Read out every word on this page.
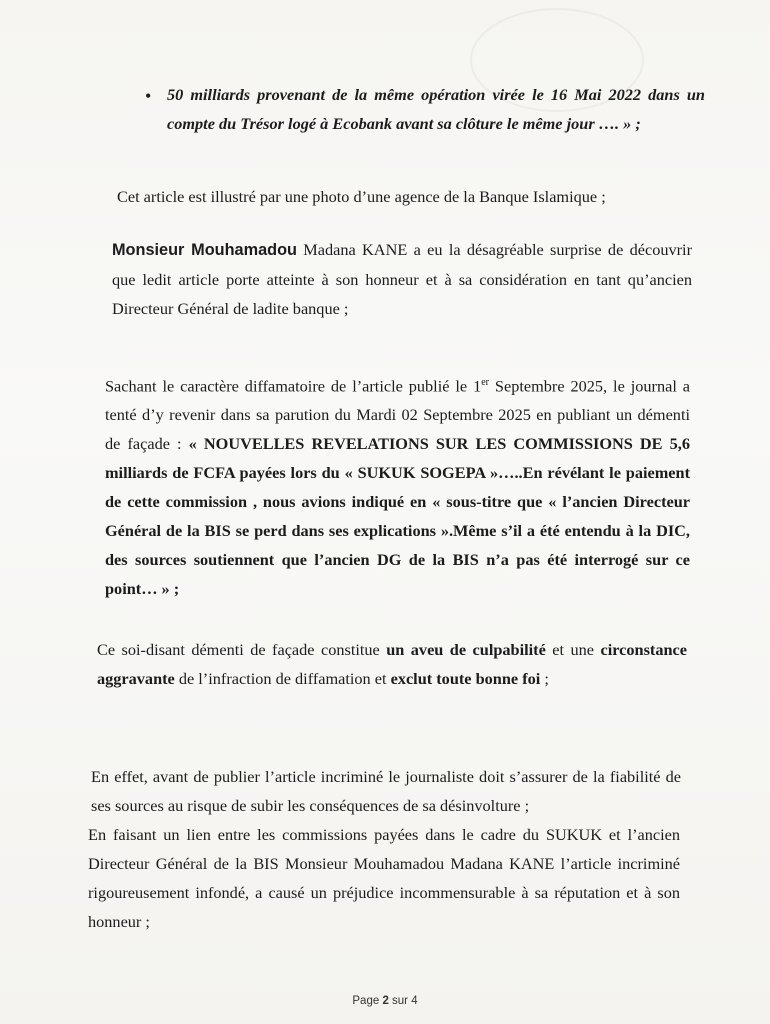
• 50 milliards provenant de la même opération virée le 16 Mai 2022 dans un compte du Trésor logé à Ecobank avant sa clôture le même jour …. » ;

Cet article est illustré par une photo d’une agence de la Banque Islamique ;

Monsieur Mouhamadou Madana KANE a eu la désagréable surprise de découvrir que ledit article porte atteinte à son honneur et à sa considération en tant qu’ancien Directeur Général de ladite banque ;

Sachant le caractère diffamatoire de l’article publié le 1er Septembre 2025, le journal a tenté d’y revenir dans sa parution du Mardi 02 Septembre 2025 en publiant un démenti de façade : « NOUVELLES REVELATIONS SUR LES COMMISSIONS DE 5,6 milliards de FCFA payées lors du « SUKUK SOGEPA »…..En révélant le paiement de cette commission , nous avions indiqué en « sous-titre que « l’ancien Directeur Général de la BIS se perd dans ses explications ».Même s’il a été entendu à la DIC, des sources soutiennent que l’ancien DG de la BIS n’a pas été interrogé sur ce point… » ;

Ce soi-disant démenti de façade constitue un aveu de culpabilité et une circonstance aggravante de l’infraction de diffamation et exclut toute bonne foi ;

En effet, avant de publier l’article incriminé le journaliste doit s’assurer de la fiabilité de ses sources au risque de subir les conséquences de sa désinvolture ;

En faisant un lien entre les commissions payées dans le cadre du SUKUK et l’ancien Directeur Général de la BIS Monsieur Mouhamadou Madana KANE l’article incriminé rigoureusement infondé, a causé un préjudice incommensurable à sa réputation et à son honneur ;

Page 2 sur 4
